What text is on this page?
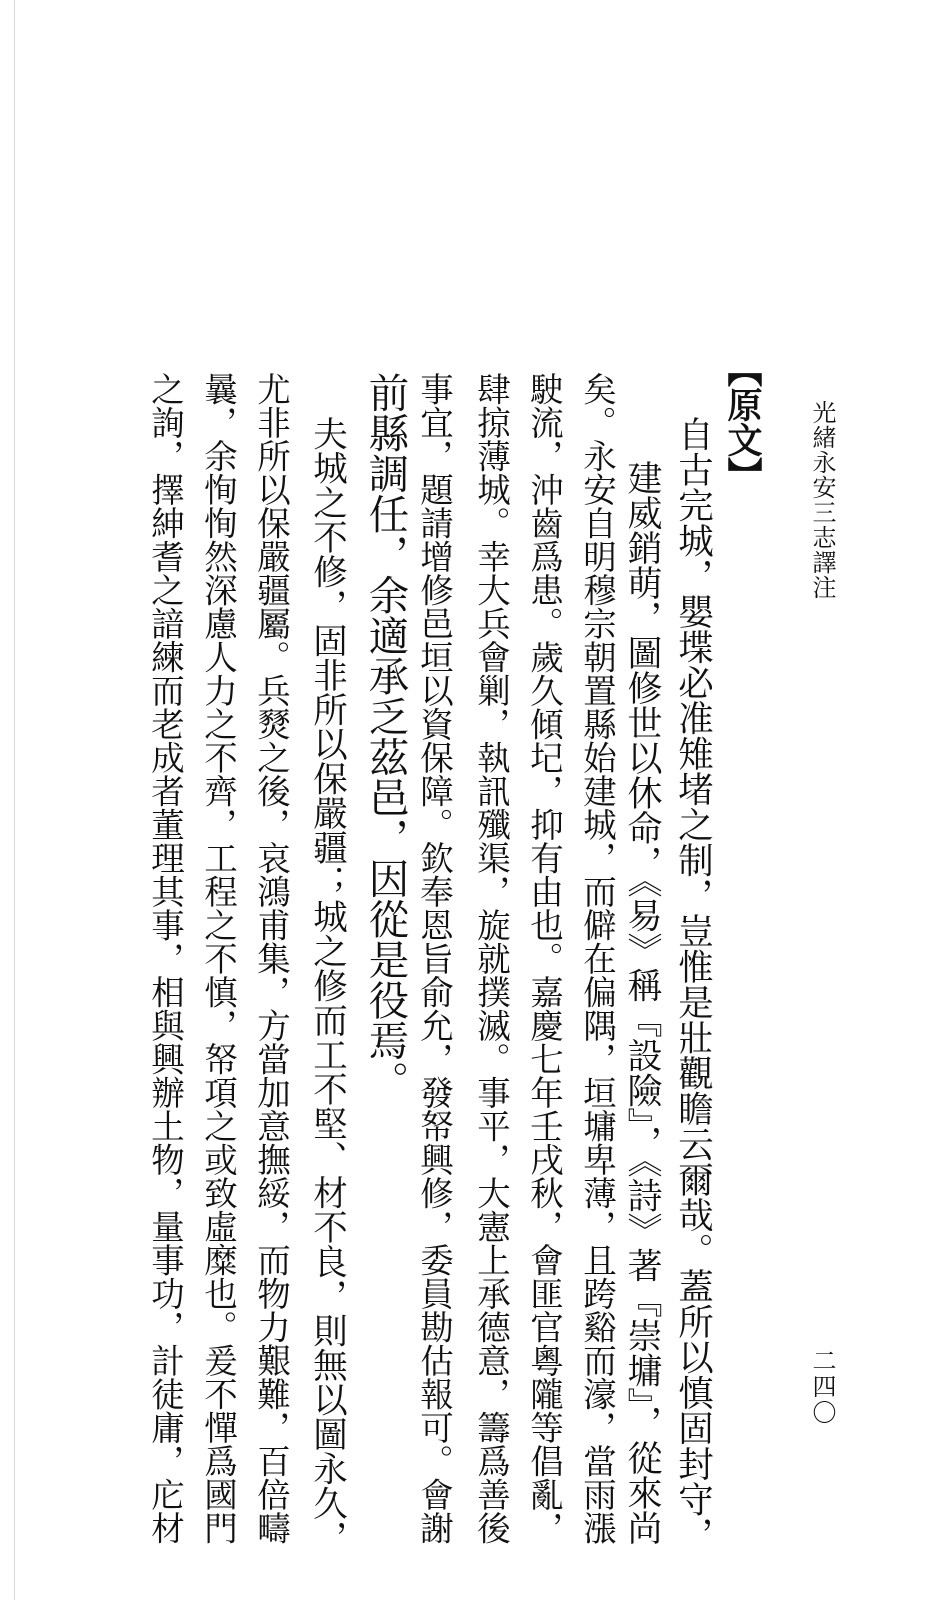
光緒永安三志譯注
二四〇
【原文】
自古完城，嬰堞必准雉堵之制，豈惟是壯觀瞻云爾哉。蓋所以慎固封守，
建威銷萌，圖修世以休命，《易》稱『設險』，《詩》著『崇墉』，從來尚
矣。永安自明穆宗朝置縣始建城，而僻在偏隅，垣墉卑薄，且跨谿而濠，當雨漲
駛流，沖齒爲患。歲久傾圮，抑有由也。嘉慶七年壬戌秋，會匪官粵隴等倡亂，
肆掠薄城。幸大兵會剿，執訊殲渠，旋就撲滅。事平，大憲上承德意，籌爲善後
事宜，題請增修邑垣以資保障。欽奉恩旨俞允，發帑興修，委員勘估報可。會謝
前縣調任，余適承乏茲邑，因從是役焉。
夫城之不修，固非所以保嚴疆；城之修而工不堅、材不良，則無以圖永久，
尤非所以保嚴疆屬。兵燹之後，哀鴻甫集，方當加意撫綏，而物力艱難，百倍疇
曩，余恂恂然深慮人力之不齊，工程之不慎，帑項之或致虛糜也。爰不憚爲國門
之詢，擇紳耆之諳練而老成者董理其事，相與興辦土物，量事功，計徒庸，庀材
